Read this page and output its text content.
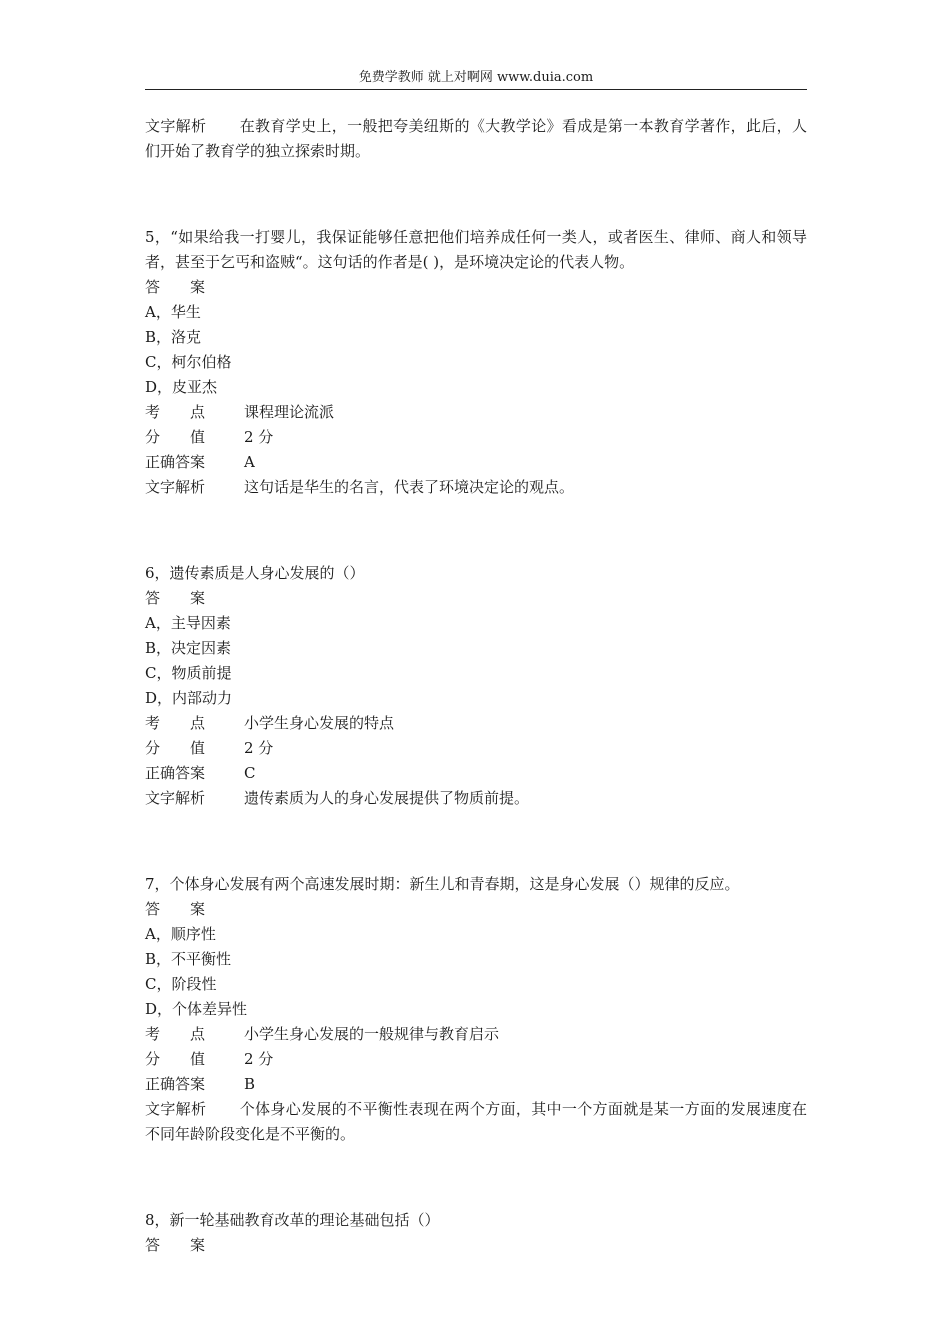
免费学教师 就上对啊网 www.duia.com
文字解析 在教育学史上，一般把夸美纽斯的《大教学论》看成是第一本教育学著作，此后，人们开始了教育学的独立探索时期。
5，“如果给我一打婴儿，我保证能够任意把他们培养成任何一类人，或者医生、律师、商人和领导者，甚至于乞丐和盗贼“。这句话的作者是( )，是环境决定论的代表人物。
答　　案
A，华生
B，洛克
C，柯尔伯格
D，皮亚杰
考　　点	课程理论流派
分　　值	2 分
正确答案	A
文字解析	这句话是华生的名言，代表了环境决定论的观点。
6，遗传素质是人身心发展的（）
答　　案
A，主导因素
B，决定因素
C，物质前提
D，内部动力
考　　点	小学生身心发展的特点
分　　值	2 分
正确答案	C
文字解析	遗传素质为人的身心发展提供了物质前提。
7，个体身心发展有两个高速发展时期：新生儿和青春期，这是身心发展（）规律的反应。
答　　案
A，顺序性
B，不平衡性
C，阶段性
D，个体差异性
考　　点	小学生身心发展的一般规律与教育启示
分　　值	2 分
正确答案	B
文字解析 个体身心发展的不平衡性表现在两个方面，其中一个方面就是某一方面的发展速度在不同年龄阶段变化是不平衡的。
8，新一轮基础教育改革的理论基础包括（）
答　　案
